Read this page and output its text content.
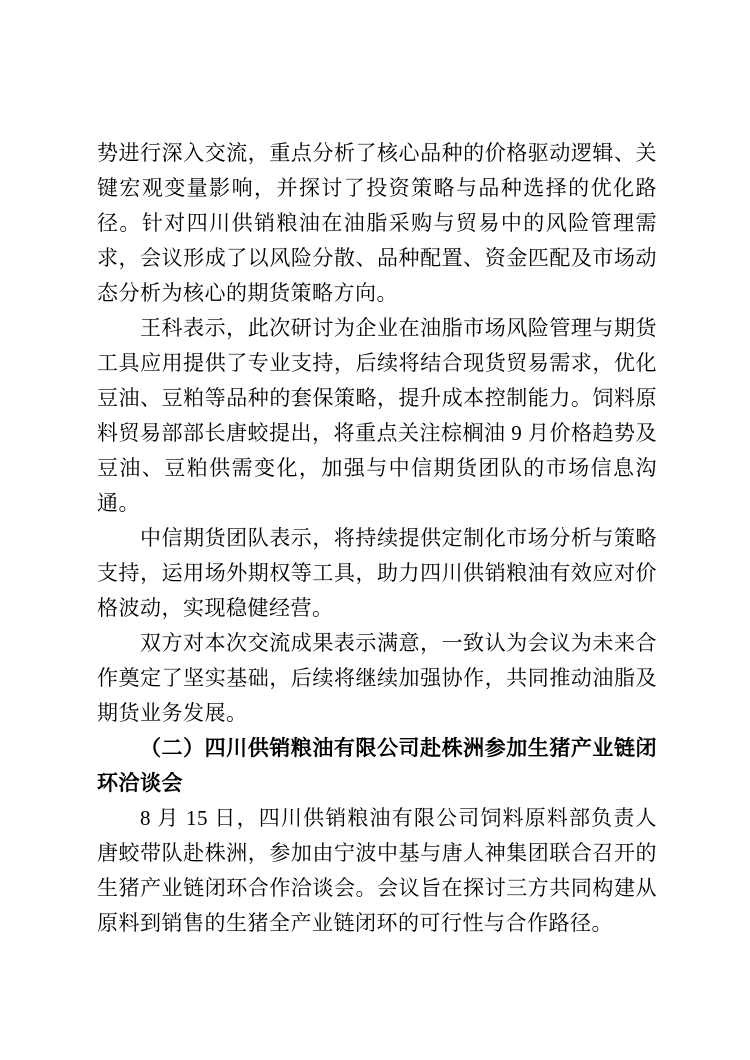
势进行深入交流，重点分析了核心品种的价格驱动逻辑、关键宏观变量影响，并探讨了投资策略与品种选择的优化路径。针对四川供销粮油在油脂采购与贸易中的风险管理需求，会议形成了以风险分散、品种配置、资金匹配及市场动态分析为核心的期货策略方向。

王科表示，此次研讨为企业在油脂市场风险管理与期货工具应用提供了专业支持，后续将结合现货贸易需求，优化豆油、豆粕等品种的套保策略，提升成本控制能力。饲料原料贸易部部长唐蛟提出，将重点关注棕榈油 9 月价格趋势及豆油、豆粕供需变化，加强与中信期货团队的市场信息沟通。

中信期货团队表示，将持续提供定制化市场分析与策略支持，运用场外期权等工具，助力四川供销粮油有效应对价格波动，实现稳健经营。

双方对本次交流成果表示满意，一致认为会议为未来合作奠定了坚实基础，后续将继续加强协作，共同推动油脂及期货业务发展。

（二）四川供销粮油有限公司赴株洲参加生猪产业链闭环洽谈会

8 月 15 日，四川供销粮油有限公司饲料原料部负责人唐蛟带队赴株洲，参加由宁波中基与唐人神集团联合召开的生猪产业链闭环合作洽谈会。会议旨在探讨三方共同构建从原料到销售的生猪全产业链闭环的可行性与合作路径。
